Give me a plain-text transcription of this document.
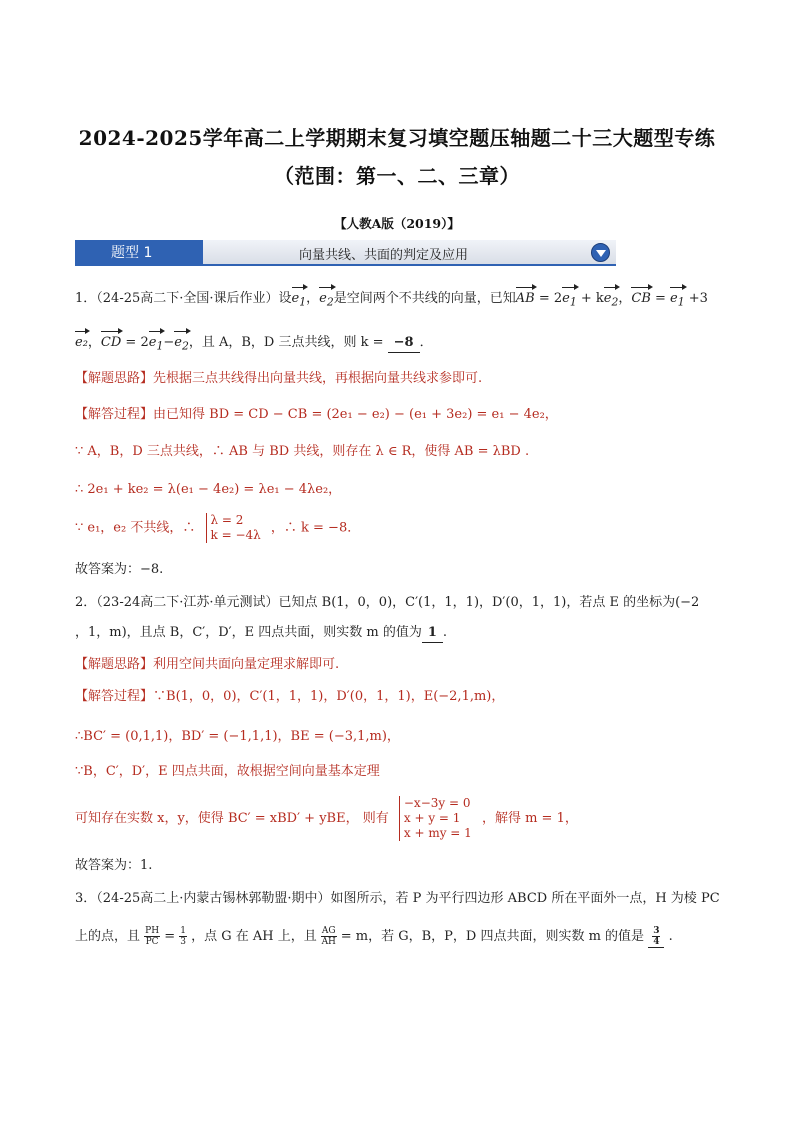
2024-2025学年高二上学期期末复习填空题压轴题二十三大题型专练
（范围：第一、二、三章）
【人教A版（2019）】
题型 1	向量共线、共面的判定及应用
1．（24-25高二下·全国·课后作业）设$e_1$，$e_2$是空间两个不共线的向量，已知AB = $2e_1 + ke_2$，CB = $e_1 +3$
e₂，CD = $2e_1-e_2$，且 A，B，D 三点共线，则 k = −8 ．
【解题思路】先根据三点共线得出向量共线，再根据向量共线求参即可.
【解答过程】由已知得 BD = CD − CB = (2e₁ − e₂) − (e₁ + 3e₂) = e₁ − 4e₂，
∵ A，B，D 三点共线，∴ AB 与 BD 共线，则存在 λ ∈ R，使得 AB = λBD .
∴ 2e₁ + ke₂ = λ(e₁ − 4e₂) = λe₁ − 4λe₂，
∵ e₁，e₂ 不共线，∴
λ = 2
k = −4λ ，∴ k = −8．
故答案为：−8.
2．（23-24高二下·江苏·单元测试）已知点 B(1，0，0)，C′(1，1，1)，D′(0，1，1)，若点 E 的坐标为(−2
，1，m)，且点 B，C′，D′，E 四点共面，则实数 m 的值为 1 .
【解题思路】利用空间共面向量定理求解即可.
【解答过程】∵B(1，0，0)，C′(1，1，1)，D′(0，1，1)，E(−2,1,m)，
∴BC′ = (0,1,1)，BD′ = (−1,1,1)，BE = (−3,1,m)，
∵B，C′，D′，E 四点共面，故根据空间向量基本定理
可知存在实数 x，y，使得 BC′ = xBD′ + yBE， 则有
−x−3y = 0
x + y = 1
x + my = 1
，解得 m = 1，
故答案为：1.
3．（24-25高二上·内蒙古锡林郭勒盟·期中）如图所示，若 P 为平行四边形 ABCD 所在平面外一点，H 为棱 PC
上的点，且 $\frac{PH}{PC} = \frac{1}{3}$ ，点 G 在 AH 上，且 $\frac{AG}{AH} = m$，若 G，B，P，D 四点共面，则实数 m 的值是 $\frac{3}{4}$ .
